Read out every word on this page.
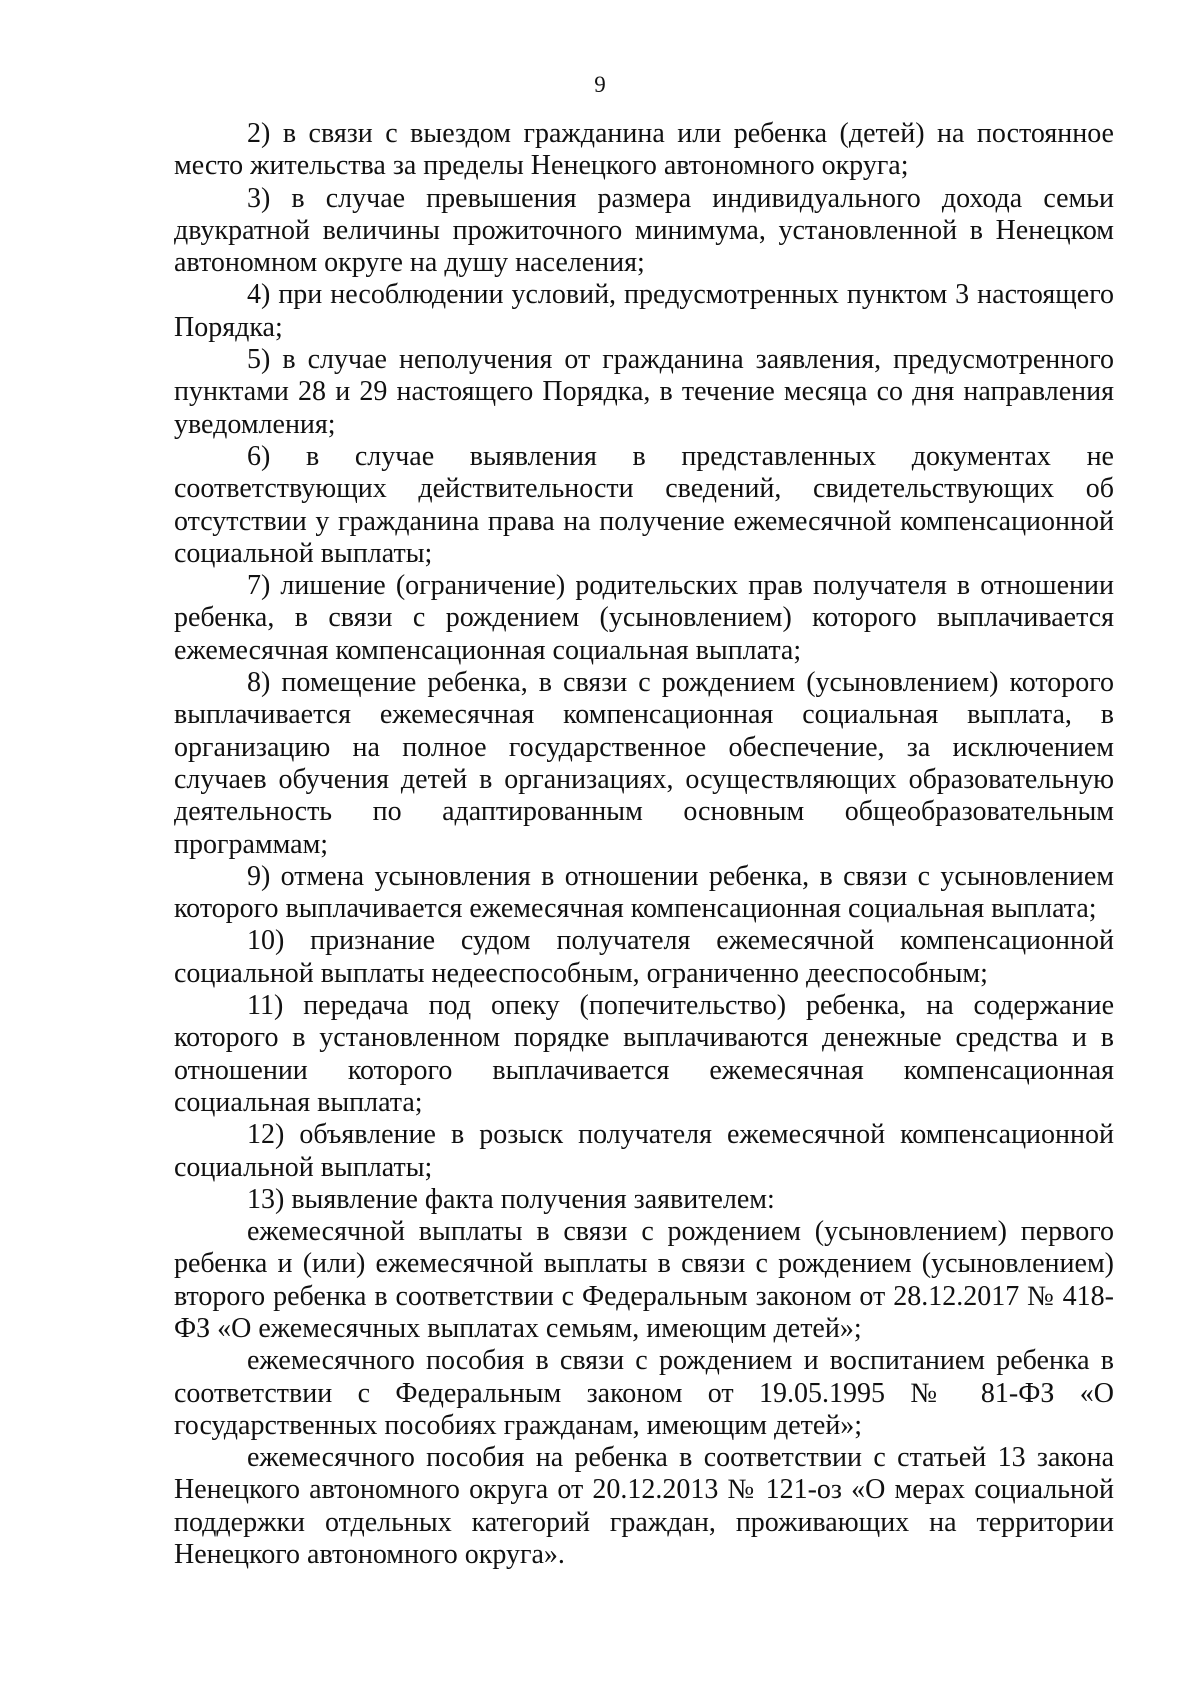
9

2) в связи с выездом гражданина или ребенка (детей) на постоянное место жительства за пределы Ненецкого автономного округа;

3) в случае превышения размера индивидуального дохода семьи двукратной величины прожиточного минимума, установленной в Ненецком автономном округе на душу населения;

4) при несоблюдении условий, предусмотренных пунктом 3 настоящего Порядка;

5) в случае неполучения от гражданина заявления, предусмотренного пунктами 28 и 29 настоящего Порядка, в течение месяца со дня направления уведомления;

6) в случае выявления в представленных документах не соответствующих действительности сведений, свидетельствующих об отсутствии у гражданина права на получение ежемесячной компенсационной социальной выплаты;

7) лишение (ограничение) родительских прав получателя в отношении ребенка, в связи с рождением (усыновлением) которого выплачивается ежемесячная компенсационная социальная выплата;

8) помещение ребенка, в связи с рождением (усыновлением) которого выплачивается ежемесячная компенсационная социальная выплата, в организацию на полное государственное обеспечение, за исключением случаев обучения детей в организациях, осуществляющих образовательную деятельность по адаптированным основным общеобразовательным программам;

9) отмена усыновления в отношении ребенка, в связи с усыновлением которого выплачивается ежемесячная компенсационная социальная выплата;

10) признание судом получателя ежемесячной компенсационной социальной выплаты недееспособным, ограниченно дееспособным;

11) передача под опеку (попечительство) ребенка, на содержание которого в установленном порядке выплачиваются денежные средства и в отношении которого выплачивается ежемесячная компенсационная социальная выплата;

12) объявление в розыск получателя ежемесячной компенсационной социальной выплаты;

13) выявление факта получения заявителем:

ежемесячной выплаты в связи с рождением (усыновлением) первого ребенка и (или) ежемесячной выплаты в связи с рождением (усыновлением) второго ребенка в соответствии с Федеральным законом от 28.12.2017 № 418-ФЗ «О ежемесячных выплатах семьям, имеющим детей»;

ежемесячного пособия в связи с рождением и воспитанием ребенка в соответствии с Федеральным законом от 19.05.1995 № 81-ФЗ «О государственных пособиях гражданам, имеющим детей»;

ежемесячного пособия на ребенка в соответствии с статьей 13 закона Ненецкого автономного округа от 20.12.2013 № 121-оз «О мерах социальной поддержки отдельных категорий граждан, проживающих на территории Ненецкого автономного округа».
